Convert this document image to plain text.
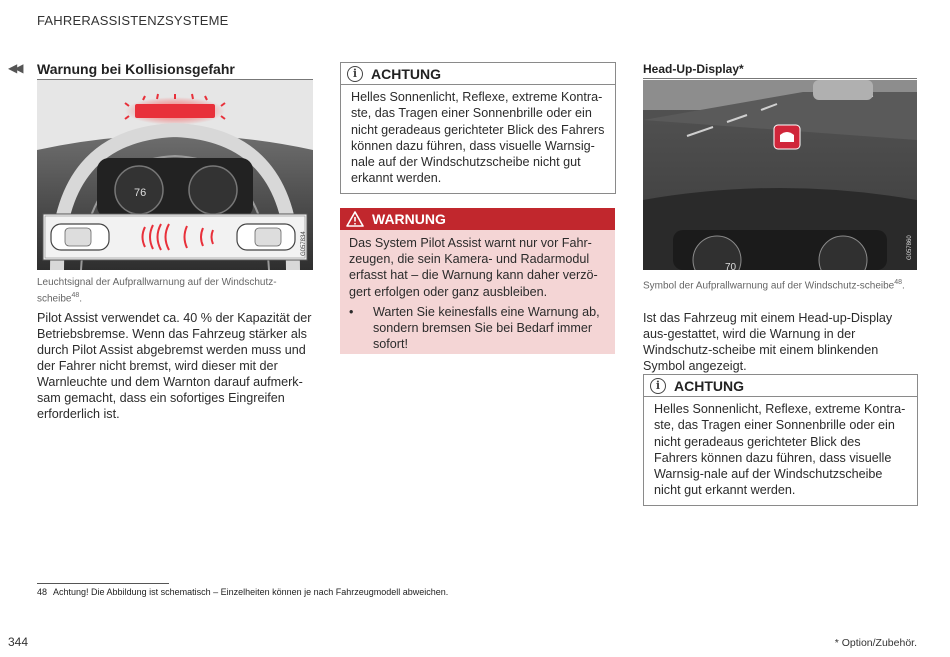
FAHRERASSISTENZSYSTEME
◀◀ Warnung bei Kollisionsgefahr
76
G057834
Leuchtsignal der Aufprallwarnung auf der Windschutz-scheibe$^{48}$.
Pilot Assist verwendet ca. 40 % der Kapazität der Betriebsbremse. Wenn das Fahrzeug stärker als durch Pilot Assist abgebremst werden muss und der Fahrer nicht bremst, wird dieser mit der Warnleuchte und dem Warnton darauf aufmerk-sam gemacht, dass ein sofortiges Eingreifen erforderlich ist.
i ACHTUNG
Helles Sonnenlicht, Reflexe, extreme Kontra-ste, das Tragen einer Sonnenbrille oder ein nicht geradeaus gerichteter Blick des Fahrers können dazu führen, dass visuelle Warnsig-nale auf der Windschutzscheibe nicht gut erkannt werden.
WARNUNG
Das System Pilot Assist warnt nur vor Fahr-zeugen, die sein Kamera- und Radarmodul erfasst hat – die Warnung kann daher verzö-gert erfolgen oder ganz ausbleiben.
• Warten Sie keinesfalls eine Warnung ab, sondern bremsen Sie bei Bedarf immer sofort!
Head-Up-Display*
70
G057860
Symbol der Aufprallwarnung auf der Windschutz-scheibe$^{48}$.
Ist das Fahrzeug mit einem Head-up-Display aus-gestattet, wird die Warnung in der Windschutz-scheibe mit einem blinkenden Symbol angezeigt.
i ACHTUNG
Helles Sonnenlicht, Reflexe, extreme Kontra-ste, das Tragen einer Sonnenbrille oder ein nicht geradeaus gerichteter Blick des Fahrers können dazu führen, dass visuelle Warnsig-nale auf der Windschutzscheibe nicht gut erkannt werden.
48 Achtung! Die Abbildung ist schematisch – Einzelheiten können je nach Fahrzeugmodell abweichen.
344	* Option/Zubehör.
